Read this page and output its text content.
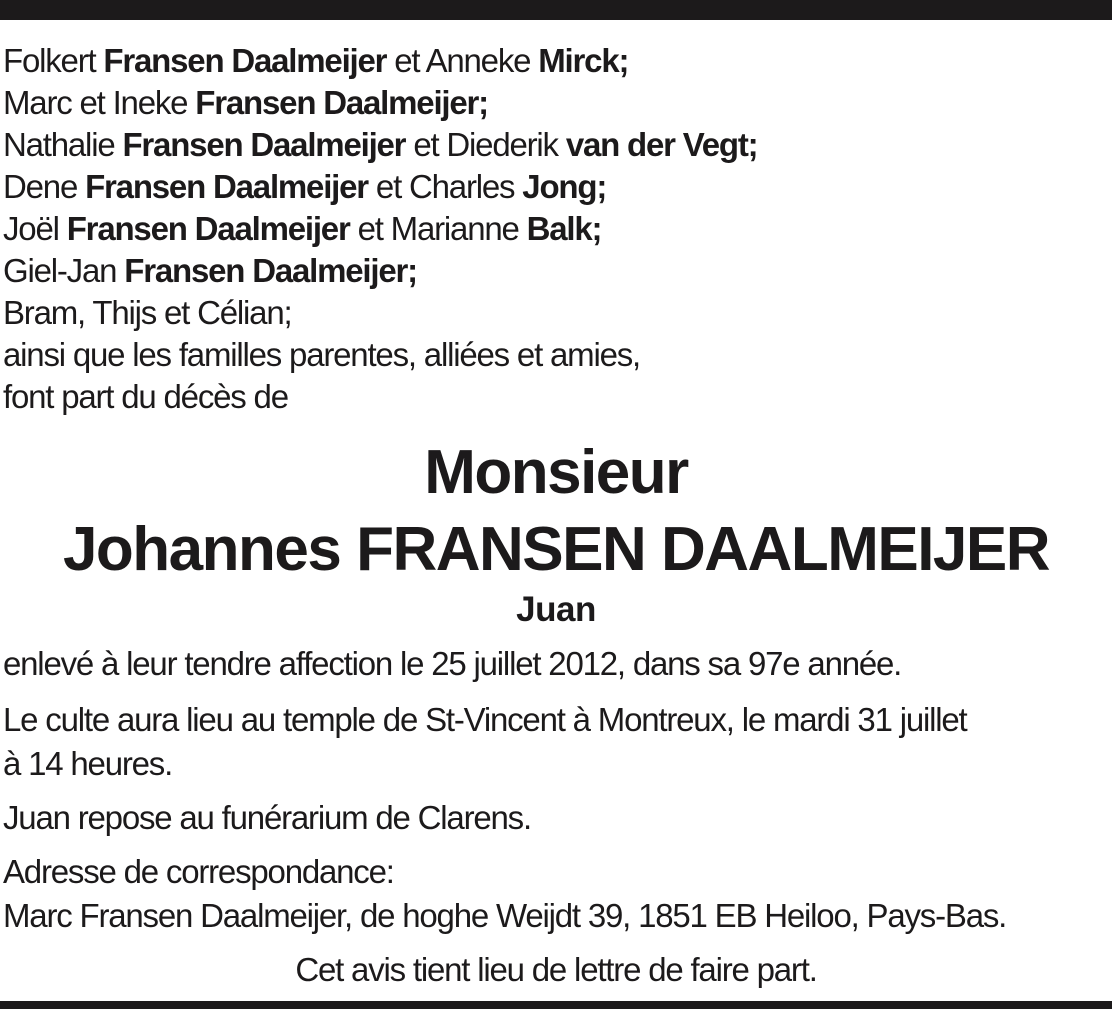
Folkert Fransen Daalmeijer et Anneke Mirck;
Marc et Ineke Fransen Daalmeijer;
Nathalie Fransen Daalmeijer et Diederik van der Vegt;
Dene Fransen Daalmeijer et Charles Jong;
Joël Fransen Daalmeijer et Marianne Balk;
Giel-Jan Fransen Daalmeijer;
Bram, Thijs et Célian;
ainsi que les familles parentes, alliées et amies,
font part du décès de
Monsieur
Johannes FRANSEN DAALMEIJER
Juan
enlevé à leur tendre affection le 25 juillet 2012, dans sa 97e année.
Le culte aura lieu au temple de St-Vincent à Montreux, le mardi 31 juillet
à 14 heures.
Juan repose au funérarium de Clarens.
Adresse de correspondance:
Marc Fransen Daalmeijer, de hoghe Weijdt 39, 1851 EB Heiloo, Pays-Bas.
Cet avis tient lieu de lettre de faire part.
